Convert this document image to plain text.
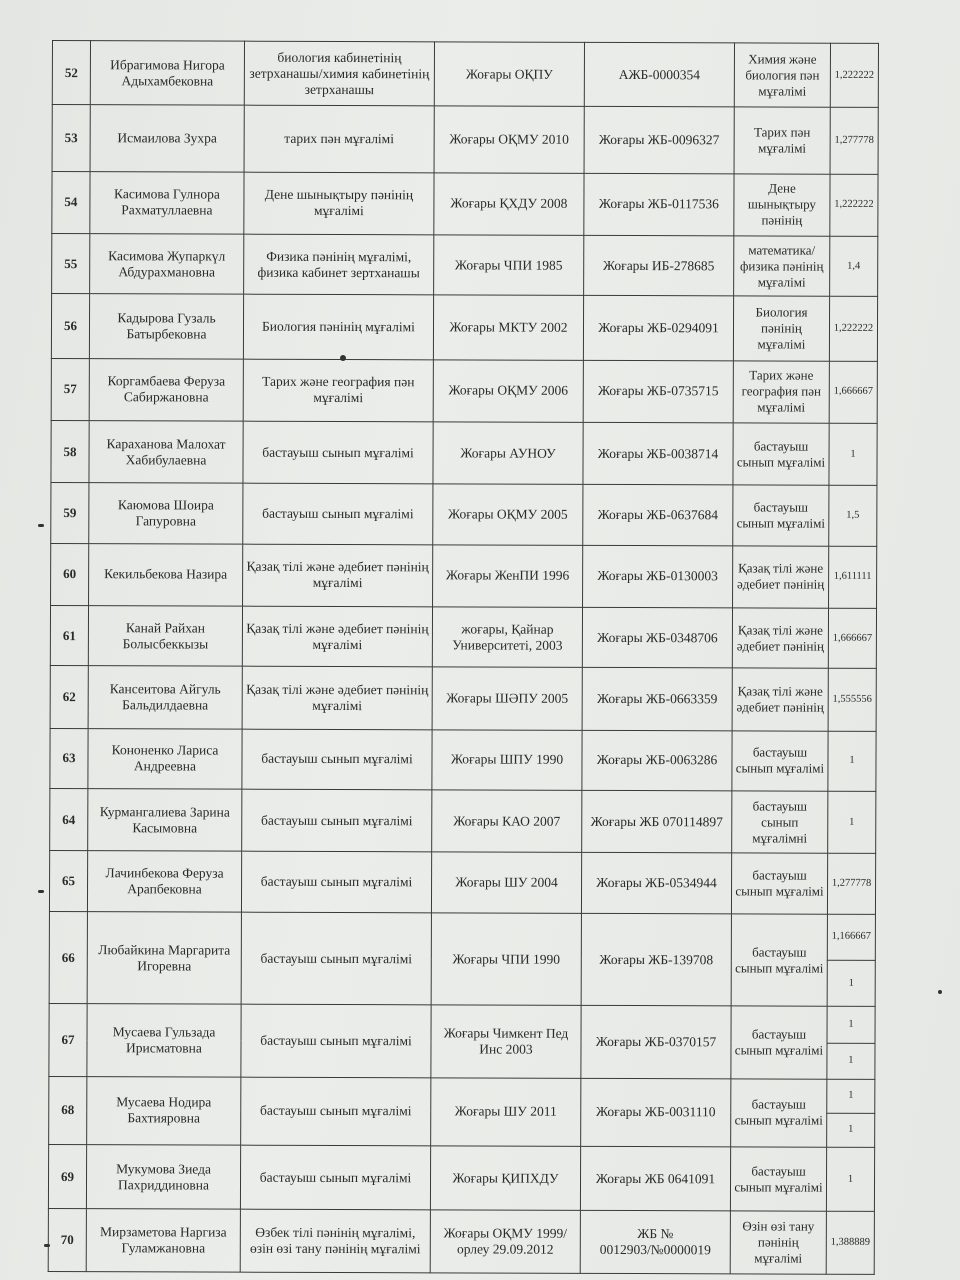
52	Ибрагимова Нигора Адыхамбековна	биология кабинетінің зетрханашы/химия кабинетінің зетрханашы	Жоғары ОҚПУ	АЖБ-0000354	Химия және биология пән мұғалімі	1,222222
53	Исмаилова Зухра	тарих пән мұғалімі	Жоғары ОҚМУ 2010	Жоғары ЖБ-0096327	Тарих пән мұғалімі	1,277778
54	Касимова Гулнора Рахматуллаевна	Дене шынықтыру пәнінің мұғалімі	Жоғары ҚХДУ 2008	Жоғары ЖБ-0117536	Дене шынықтыру пәнінің	1,222222
55	Касимова Жупаркүл Абдурахмановна	Физика пәнінің мұғалімі, физика кабинет зертханашы	Жоғары ЧПИ 1985	Жоғары ИБ-278685	математика/физика пәнінің мұғалімі	1,4
56	Кадырова Гузаль Батырбековна	Биология пәнінің мұғалімі	Жоғары МКТУ 2002	Жоғары ЖБ-0294091	Биология пәнінің мұғалімі	1,222222
57	Коргамбаева Феруза Сабиржановна	Тарих және география пән мұғалімі	Жоғары ОҚМУ 2006	Жоғары ЖБ-0735715	Тарих және география пән мұғалімі	1,666667
58	Караханова Малохат Хабибулаевна	бастауыш сынып мұғалімі	Жоғары АУНОУ	Жоғары ЖБ-0038714	бастауыш сынып мұғалімі	1
59	Каюмова Шоира Гапуровна	бастауыш сынып мұғалімі	Жоғары ОҚМУ 2005	Жоғары ЖБ-0637684	бастауыш сынып мұғалімі	1,5
60	Кекильбекова Назира	Қазақ тілі және әдебиет пәнінің мұғалімі	Жоғары ЖенПИ 1996	Жоғары ЖБ-0130003	Қазақ тілі және әдебиет пәнінің	1,611111
61	Канай Райхан Болысбеккызы	Қазақ тілі және әдебиет пәнінің мұғалімі	жоғары, Қайнар Университеті, 2003	Жоғары ЖБ-0348706	Қазақ тілі және әдебиет пәнінің	1,666667
62	Кансеитова Айгуль Бальдилдаевна	Қазақ тілі және әдебиет пәнінің мұғалімі	Жоғары ШӘПУ 2005	Жоғары ЖБ-0663359	Қазақ тілі және әдебиет пәнінің	1,555556
63	Кононенко Лариса Андреевна	бастауыш сынып мұғалімі	Жоғары ШПУ 1990	Жоғары ЖБ-0063286	бастауыш сынып мұғалімі	1
64	Курмангалиева Зарина Касымовна	бастауыш сынып мұғалімі	Жоғары КАО 2007	Жоғары ЖБ 070114897	бастауыш сынып мұғалімні	1
65	Лачинбекова Феруза Арапбековна	бастауыш сынып мұғалімі	Жоғары ШУ 2004	Жоғары ЖБ-0534944	бастауыш сынып мұғалімі	1,277778
66	Любайкина Маргарита Игоревна	бастауыш сынып мұғалімі	Жоғары ЧПИ 1990	Жоғары ЖБ-139708	бастауыш сынып мұғалімі	1,166667
						1
67	Мусаева Гульзада Ирисматовна	бастауыш сынып мұғалімі	Жоғары Чимкент Пед Инс 2003	Жоғары ЖБ-0370157	бастауыш сынып мұғалімі	1
						1
68	Мусаева Нодира Бахтияровна	бастауыш сынып мұғалімі	Жоғары ШУ 2011	Жоғары ЖБ-0031110	бастауыш сынып мұғалімі	1
						1
69	Мукумова Зиеда Пахриддиновна	бастауыш сынып мұғалімі	Жоғары ҚИПХДУ	Жоғары ЖБ 0641091	бастауыш сынып мұғалімі	1
70	Мирзаметова Наргиза Гуламжановна	Өзбек тілі пәнінің мұғалімі, өзін өзі тану пәнінің мұғалімі	Жоғары ОҚМУ 1999/ орлеу 29.09.2012	ЖБ № 0012903/№0000019	Өзін өзі тану пәнінің мұғалімі	1,388889
